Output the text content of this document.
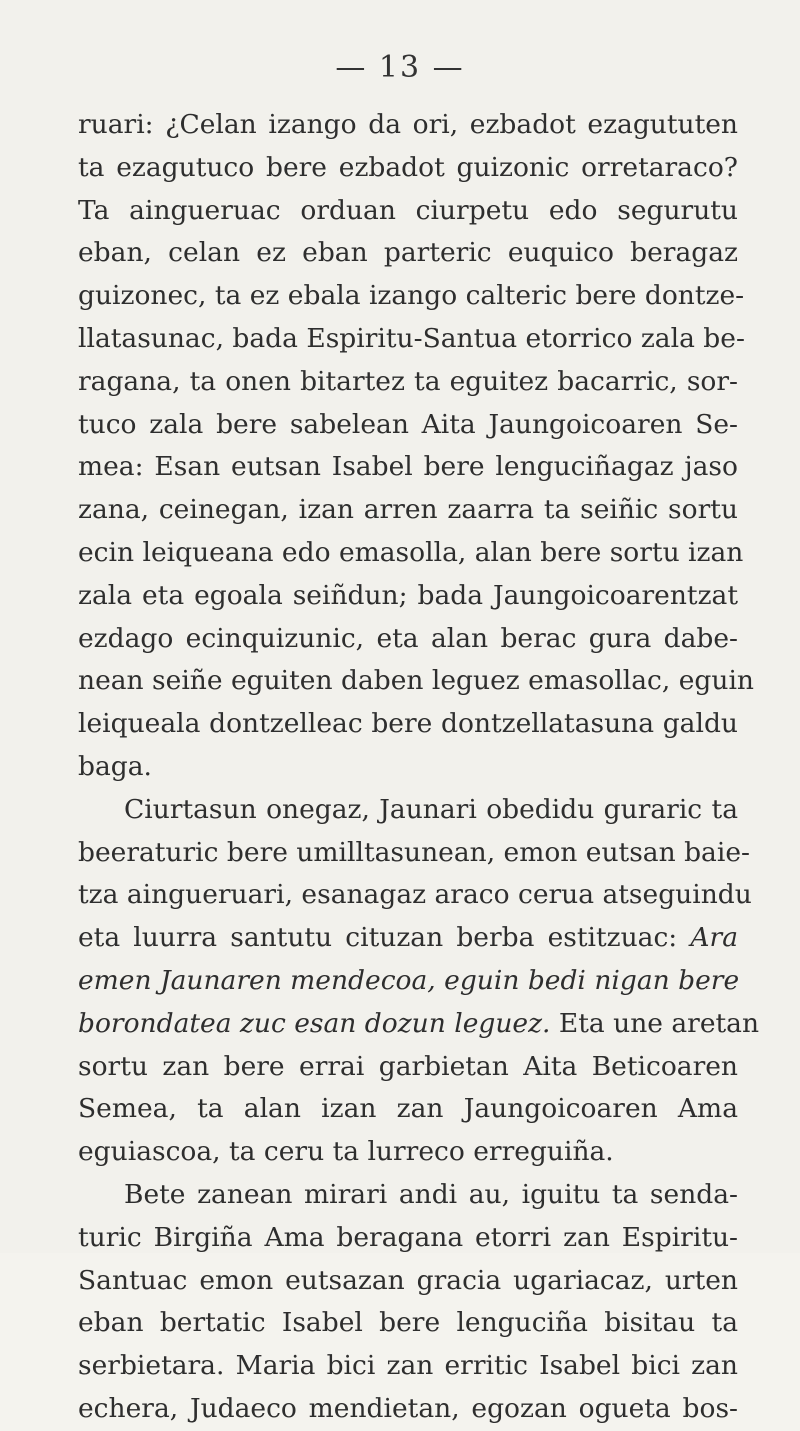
— 13 —
ruari: ¿Celan izango da ori, ezbadot ezagututen
ta ezagutuco bere ezbadot guizonic orretaraco?
Ta aingueruac orduan ciurpetu edo segurutu
eban, celan ez eban parteric euquico beragaz
guizonec, ta ez ebala izango calteric bere dontze-
llatasunac, bada Espiritu-Santua etorrico zala be-
ragana, ta onen bitartez ta eguitez bacarric, sor-
tuco zala bere sabelean Aita Jaungoicoaren Se-
mea: Esan eutsan Isabel bere lenguciñagaz jaso
zana, ceinegan, izan arren zaarra ta seiñic sortu
ecin leiqueana edo emasolla, alan bere sortu izan
zala eta egoala seiñdun; bada Jaungoicoarentzat
ezdago ecinquizunic, eta alan berac gura dabe-
nean seiñe eguiten daben leguez emasollac, eguin
leiqueala dontzelleac bere dontzellatasuna galdu
baga.
Ciurtasun onegaz, Jaunari obedidu guraric ta
beeraturic bere umilltasunean, emon eutsan baie-
tza aingueruari, esanagaz araco cerua atseguindu
eta luurra santutu cituzan berba estitzuac: Ara
emen Jaunaren mendecoa, eguin bedi nigan bere
borondatea zuc esan dozun leguez. Eta une aretan
sortu zan bere errai garbietan Aita Beticoaren
Semea, ta alan izan zan Jaungoicoaren Ama
eguiascoa, ta ceru ta lurreco erreguiña.
Bete zanean mirari andi au, iguitu ta senda-
turic Birgiña Ama beragana etorri zan Espiritu-
Santuac emon eutsazan gracia ugariacaz, urten
eban bertatic Isabel bere lenguciña bisitau ta
serbietara. Maria bici zan erritic Isabel bici zan
echera, Judaeco mendietan, egozan ogueta bos-
